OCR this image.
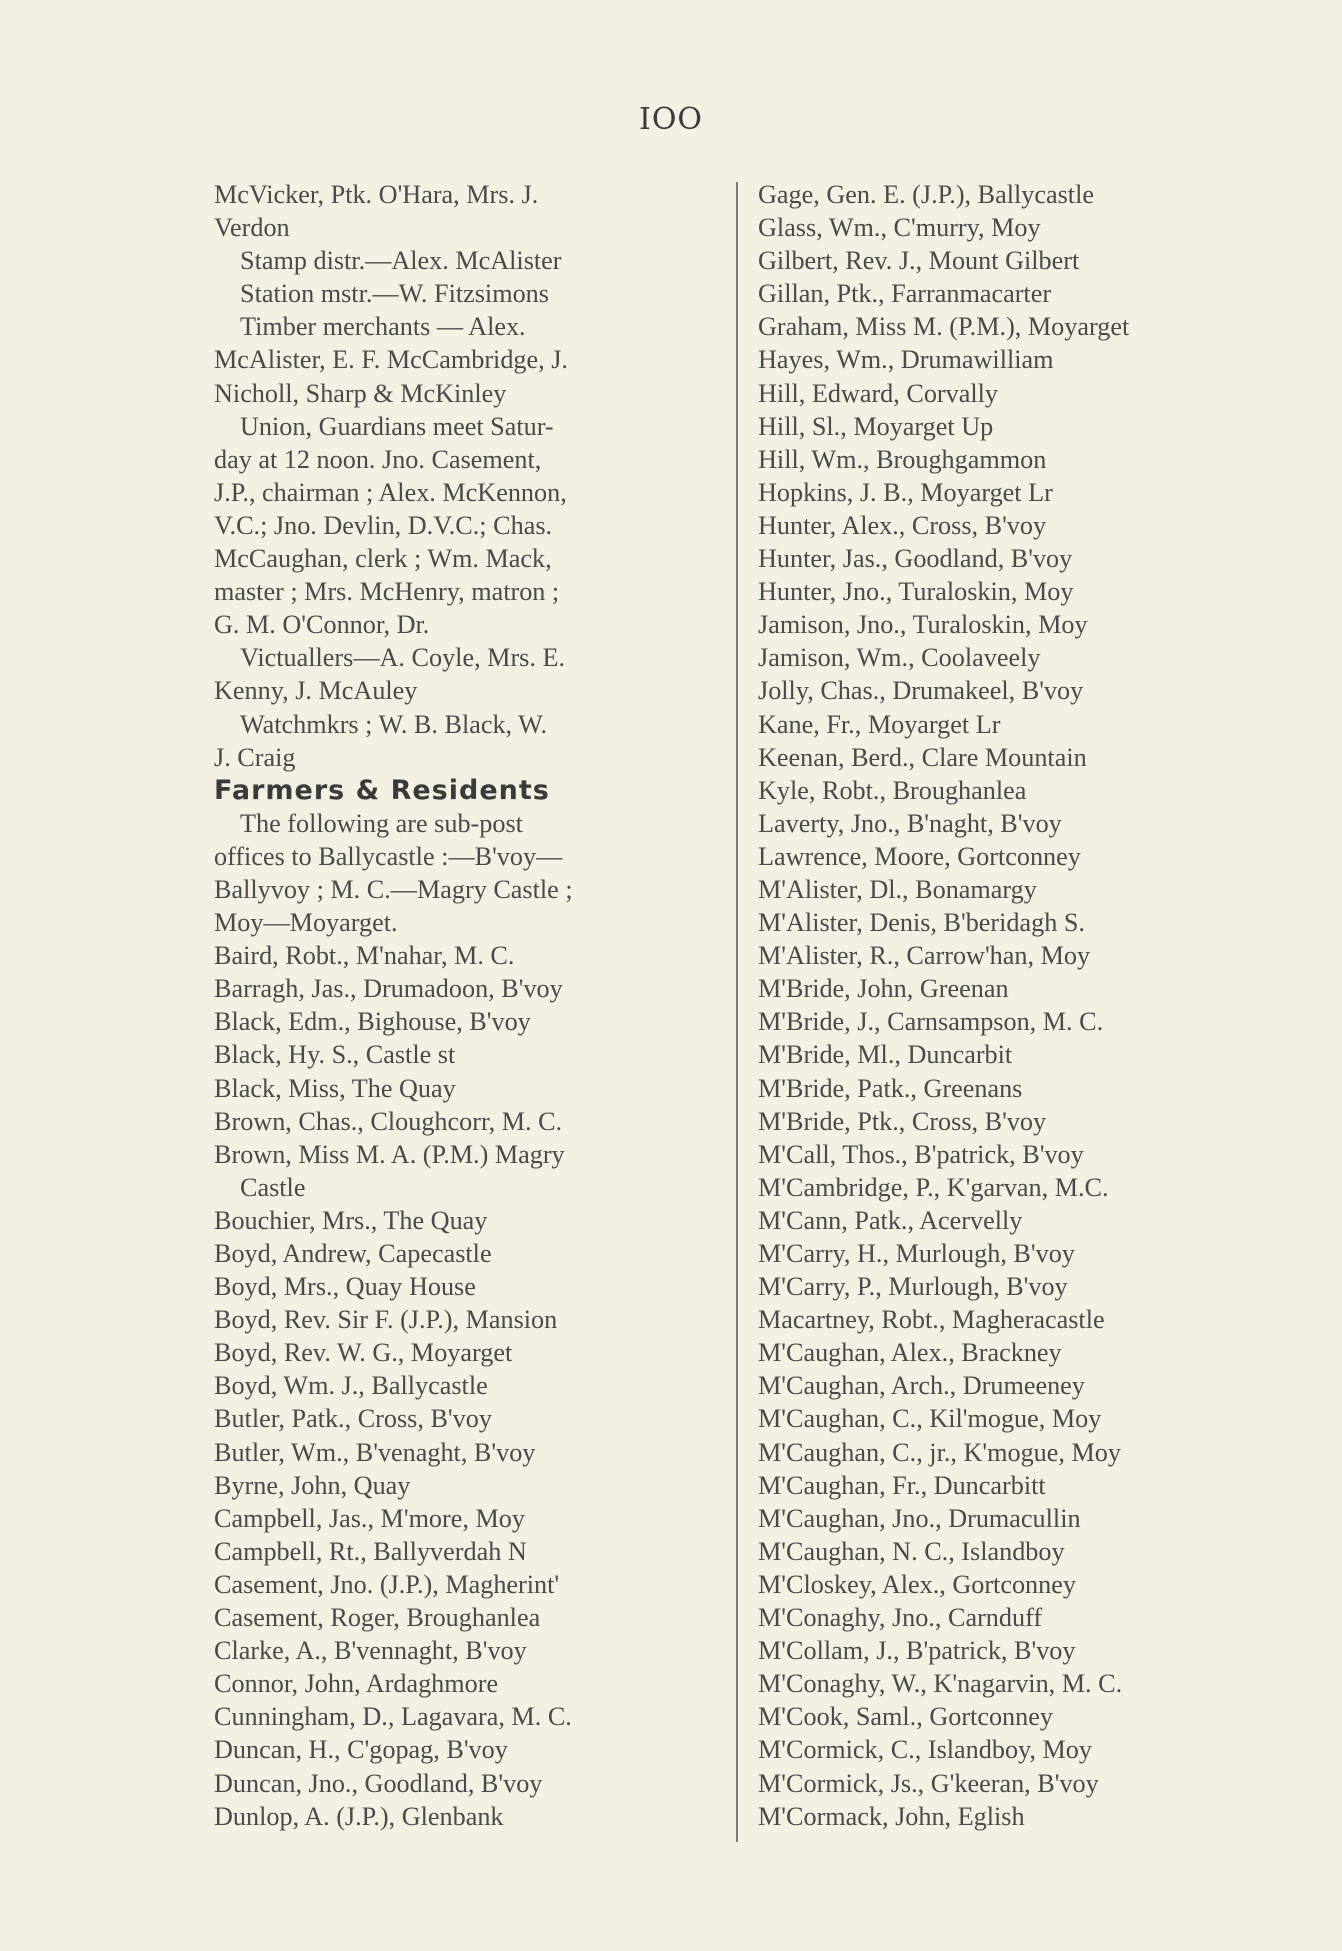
IOO
McVicker, Ptk. O'Hara, Mrs. J.
Verdon
Stamp distr.—Alex. McAlister
Station mstr.—W. Fitzsimons
Timber merchants — Alex.
McAlister, E. F. McCambridge, J.
Nicholl, Sharp & McKinley
Union, Guardians meet Satur-
day at 12 noon. Jno. Casement,
J.P., chairman ; Alex. McKennon,
V.C.; Jno. Devlin, D.V.C.; Chas.
McCaughan, clerk ; Wm. Mack,
master ; Mrs. McHenry, matron ;
G. M. O'Connor, Dr.
Victuallers—A. Coyle, Mrs. E.
Kenny, J. McAuley
Watchmkrs ; W. B. Black, W.
J. Craig
Farmers & Residents
The following are sub-post
offices to Ballycastle :—B'voy—
Ballyvoy ; M. C.—Magry Castle ;
Moy—Moyarget.
Baird, Robt., M'nahar, M. C.
Barragh, Jas., Drumadoon, B'voy
Black, Edm., Bighouse, B'voy
Black, Hy. S., Castle st
Black, Miss, The Quay
Brown, Chas., Cloughcorr, M. C.
Brown, Miss M. A. (P.M.) Magry
Castle
Bouchier, Mrs., The Quay
Boyd, Andrew, Capecastle
Boyd, Mrs., Quay House
Boyd, Rev. Sir F. (J.P.), Mansion
Boyd, Rev. W. G., Moyarget
Boyd, Wm. J., Ballycastle
Butler, Patk., Cross, B'voy
Butler, Wm., B'venaght, B'voy
Byrne, John, Quay
Campbell, Jas., M'more, Moy
Campbell, Rt., Ballyverdah N
Casement, Jno. (J.P.), Magherint'
Casement, Roger, Broughanlea
Clarke, A., B'vennaght, B'voy
Connor, John, Ardaghmore
Cunningham, D., Lagavara, M. C.
Duncan, H., C'gopag, B'voy
Duncan, Jno., Goodland, B'voy
Dunlop, A. (J.P.), Glenbank
Gage, Gen. E. (J.P.), Ballycastle
Glass, Wm., C'murry, Moy
Gilbert, Rev. J., Mount Gilbert
Gillan, Ptk., Farranmacarter
Graham, Miss M. (P.M.), Moyarget
Hayes, Wm., Drumawilliam
Hill, Edward, Corvally
Hill, Sl., Moyarget Up
Hill, Wm., Broughgammon
Hopkins, J. B., Moyarget Lr
Hunter, Alex., Cross, B'voy
Hunter, Jas., Goodland, B'voy
Hunter, Jno., Turaloskin, Moy
Jamison, Jno., Turaloskin, Moy
Jamison, Wm., Coolaveely
Jolly, Chas., Drumakeel, B'voy
Kane, Fr., Moyarget Lr
Keenan, Berd., Clare Mountain
Kyle, Robt., Broughanlea
Laverty, Jno., B'naght, B'voy
Lawrence, Moore, Gortconney
M'Alister, Dl., Bonamargy
M'Alister, Denis, B'beridagh S.
M'Alister, R., Carrow'han, Moy
M'Bride, John, Greenan
M'Bride, J., Carnsampson, M. C.
M'Bride, Ml., Duncarbit
M'Bride, Patk., Greenans
M'Bride, Ptk., Cross, B'voy
M'Call, Thos., B'patrick, B'voy
M'Cambridge, P., K'garvan, M.C.
M'Cann, Patk., Acervelly
M'Carry, H., Murlough, B'voy
M'Carry, P., Murlough, B'voy
Macartney, Robt., Magheracastle
M'Caughan, Alex., Brackney
M'Caughan, Arch., Drumeeney
M'Caughan, C., Kil'mogue, Moy
M'Caughan, C., jr., K'mogue, Moy
M'Caughan, Fr., Duncarbitt
M'Caughan, Jno., Drumacullin
M'Caughan, N. C., Islandboy
M'Closkey, Alex., Gortconney
M'Conaghy, Jno., Carnduff
M'Collam, J., B'patrick, B'voy
M'Conaghy, W., K'nagarvin, M. C.
M'Cook, Saml., Gortconney
M'Cormick, C., Islandboy, Moy
M'Cormick, Js., G'keeran, B'voy
M'Cormack, John, Eglish
